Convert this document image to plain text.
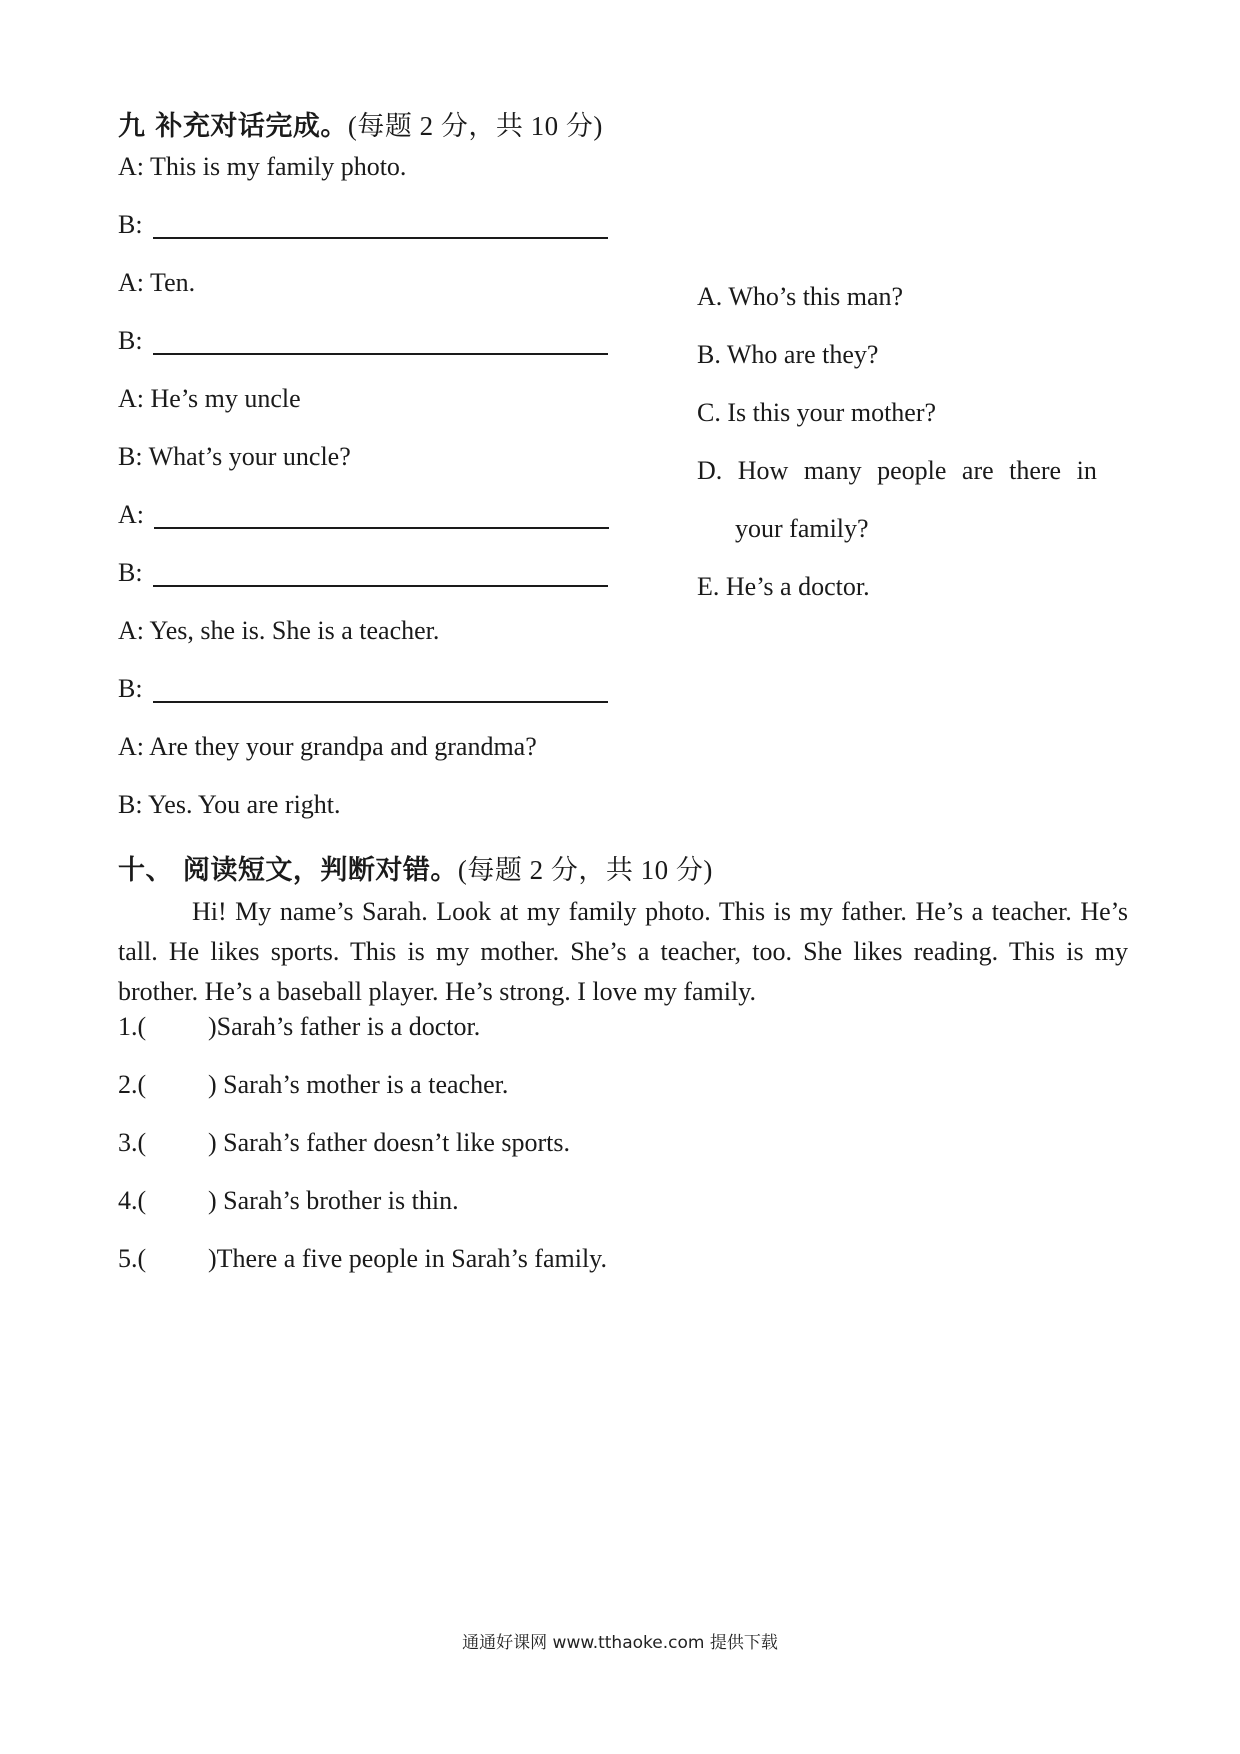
九 补充对话完成。(每题 2 分，共 10 分)
A: This is my family photo.
B:
A: Ten.
B:
A: He’s my uncle
B: What’s your uncle?
A:
B:
A: Yes, she is. She is a teacher.
B:
A: Are they your grandpa and grandma?
B: Yes. You are right.
A. Who’s this man?
B. Who are they?
C. Is this your mother?
D. How many people are there in
your family?
E. He’s a doctor.
十、 阅读短文，判断对错。(每题 2 分，共 10 分)
Hi! My name’s Sarah. Look at my family photo. This is my father. He’s a teacher. He’s tall. He likes sports. This is my mother. She’s a teacher, too. She likes reading. This is my brother. He’s a baseball player. He’s strong. I love my family.
1.( )Sarah’s father is a doctor.
2.( ) Sarah’s mother is a teacher.
3.( ) Sarah’s father doesn’t like sports.
4.( ) Sarah’s brother is thin.
5.( )There a five people in Sarah’s family.
通通好课网 www.tthaoke.com 提供下载
